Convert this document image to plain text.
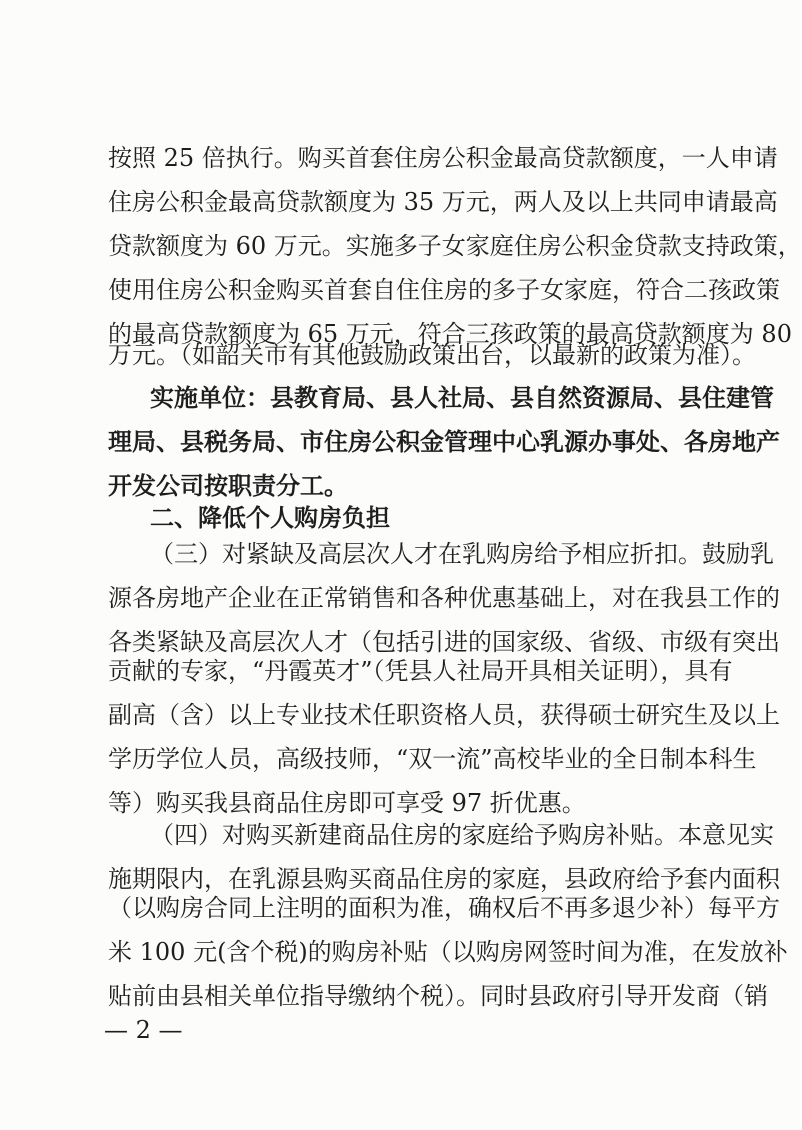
按照 25 倍执行。购买首套住房公积金最高贷款额度，一人申请
住房公积金最高贷款额度为 35 万元，两人及以上共同申请最高
贷款额度为 60 万元。实施多子女家庭住房公积金贷款支持政策，
使用住房公积金购买首套自住住房的多子女家庭，符合二孩政策
的最高贷款额度为 65 万元，符合三孩政策的最高贷款额度为 80
万元。（如韶关市有其他鼓励政策出台，以最新的政策为准）。
实施单位：县教育局、县人社局、县自然资源局、县住建管
理局、县税务局、市住房公积金管理中心乳源办事处、各房地产
开发公司按职责分工。
二、降低个人购房负担
（三）对紧缺及高层次人才在乳购房给予相应折扣。鼓励乳
源各房地产企业在正常销售和各种优惠基础上，对在我县工作的
各类紧缺及高层次人才（包括引进的国家级、省级、市级有突出
贡献的专家，“丹霞英才”（凭县人社局开具相关证明），具有
副高（含）以上专业技术任职资格人员，获得硕士研究生及以上
学历学位人员，高级技师，“双一流”高校毕业的全日制本科生
等）购买我县商品住房即可享受 97 折优惠。
（四）对购买新建商品住房的家庭给予购房补贴。本意见实
施期限内，在乳源县购买商品住房的家庭，县政府给予套内面积
（以购房合同上注明的面积为准，确权后不再多退少补）每平方
米 100 元(含个税)的购房补贴（以购房网签时间为准，在发放补
贴前由县相关单位指导缴纳个税）。同时县政府引导开发商（销
— 2 —
